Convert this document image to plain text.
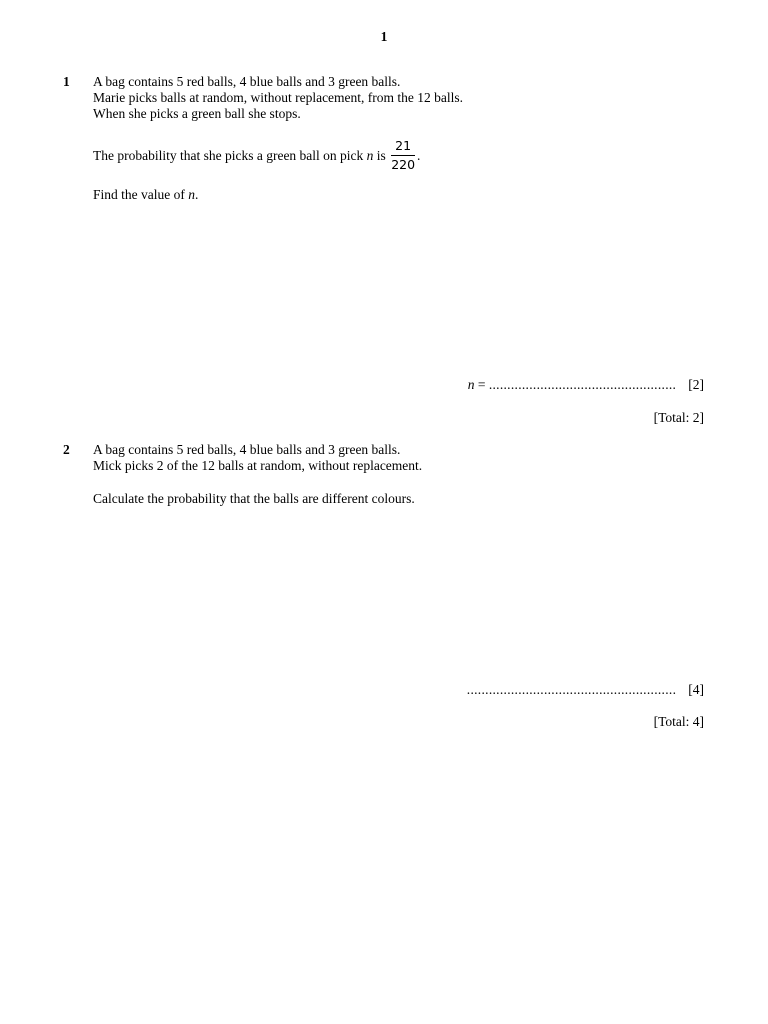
1
1 A bag contains 5 red balls, 4 blue balls and 3 green balls.
Marie picks balls at random, without replacement, from the 12 balls.
When she picks a green ball she stops.
The probability that she picks a green ball on pick n is $\frac{21}{220}$ .
Find the value of n.
n = ................................................... [2]
[Total: 2]
2 A bag contains 5 red balls, 4 blue balls and 3 green balls.
Mick picks 2 of the 12 balls at random, without replacement.
Calculate the probability that the balls are different colours.
......................................................... [4]
[Total: 4]
